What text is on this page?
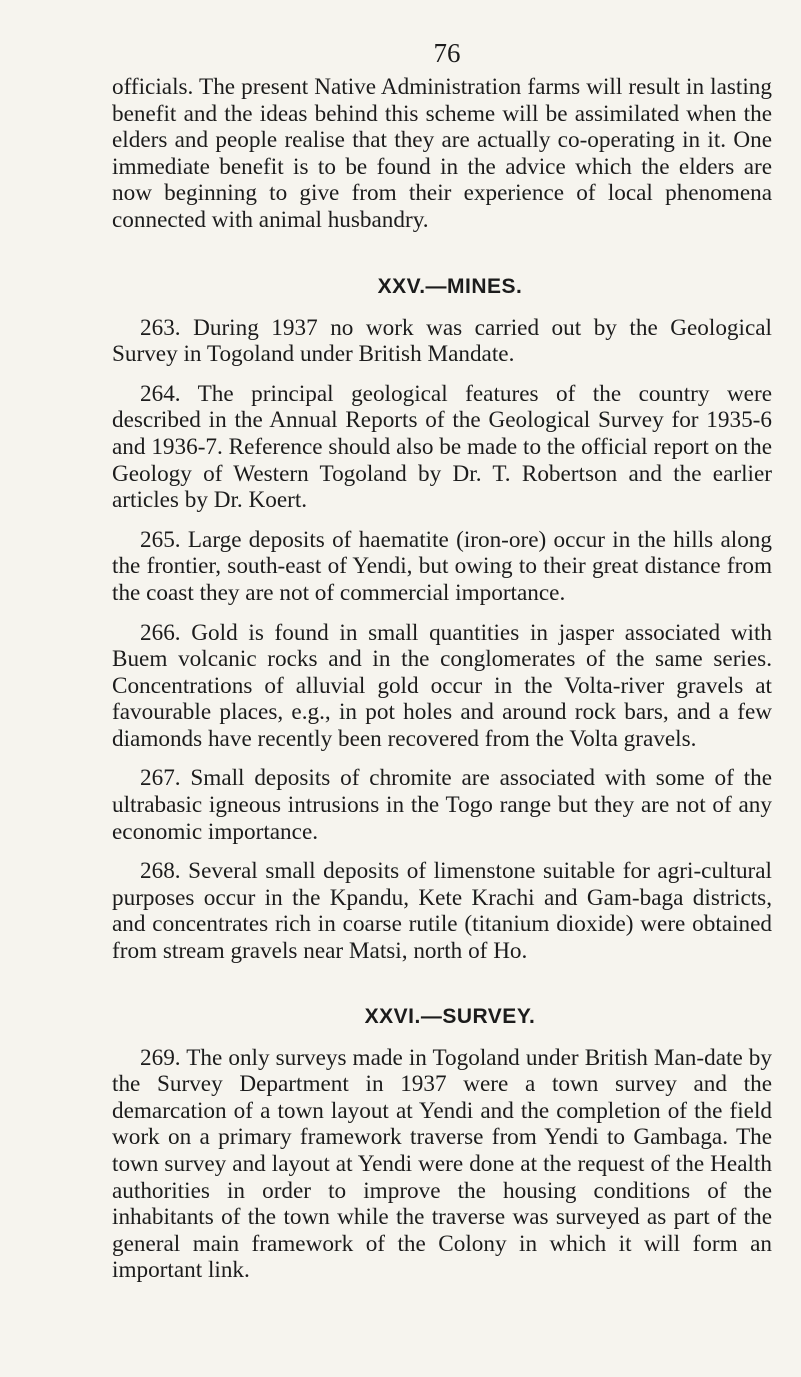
76

officials. The present Native Administration farms will result in lasting benefit and the ideas behind this scheme will be assimilated when the elders and people realise that they are actually co-operating in it. One immediate benefit is to be found in the advice which the elders are now beginning to give from their experience of local phenomena connected with animal husbandry.

XXV.—MINES.

263. During 1937 no work was carried out by the Geological Survey in Togoland under British Mandate.

264. The principal geological features of the country were described in the Annual Reports of the Geological Survey for 1935-6 and 1936-7. Reference should also be made to the official report on the Geology of Western Togoland by Dr. T. Robertson and the earlier articles by Dr. Koert.

265. Large deposits of haematite (iron-ore) occur in the hills along the frontier, south-east of Yendi, but owing to their great distance from the coast they are not of commercial importance.

266. Gold is found in small quantities in jasper associated with Buem volcanic rocks and in the conglomerates of the same series. Concentrations of alluvial gold occur in the Volta-river gravels at favourable places, e.g., in pot holes and around rock bars, and a few diamonds have recently been recovered from the Volta gravels.

267. Small deposits of chromite are associated with some of the ultrabasic igneous intrusions in the Togo range but they are not of any economic importance.

268. Several small deposits of limenstone suitable for agri-cultural purposes occur in the Kpandu, Kete Krachi and Gam-baga districts, and concentrates rich in coarse rutile (titanium dioxide) were obtained from stream gravels near Matsi, north of Ho.

XXVI.—SURVEY.

269. The only surveys made in Togoland under British Man-date by the Survey Department in 1937 were a town survey and the demarcation of a town layout at Yendi and the completion of the field work on a primary framework traverse from Yendi to Gambaga. The town survey and layout at Yendi were done at the request of the Health authorities in order to improve the housing conditions of the inhabitants of the town while the traverse was surveyed as part of the general main framework of the Colony in which it will form an important link.
